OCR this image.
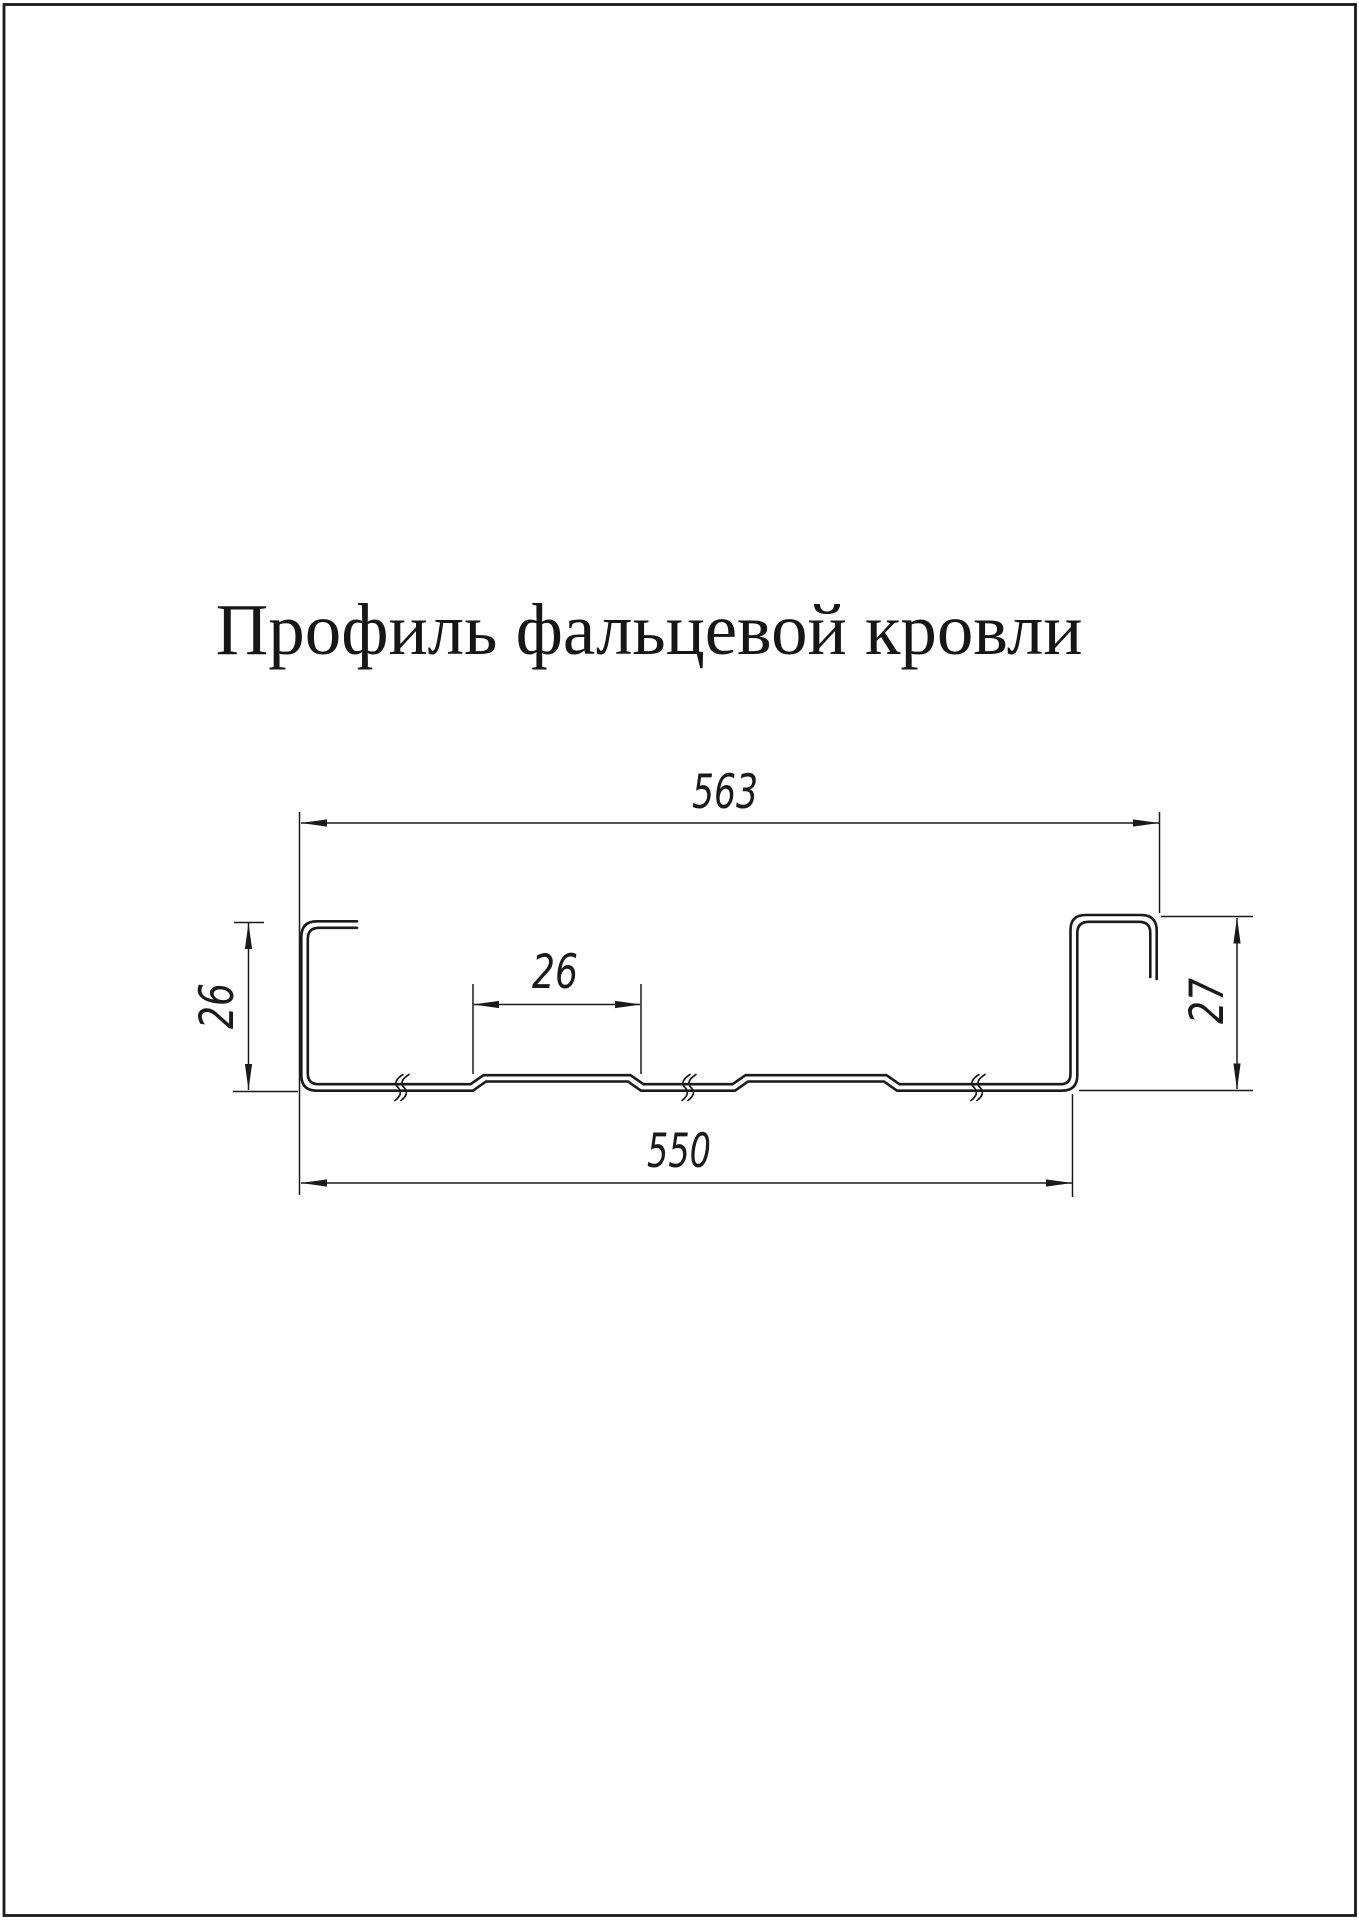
Профиль фальцевой кровли
563
550
26	26	27
